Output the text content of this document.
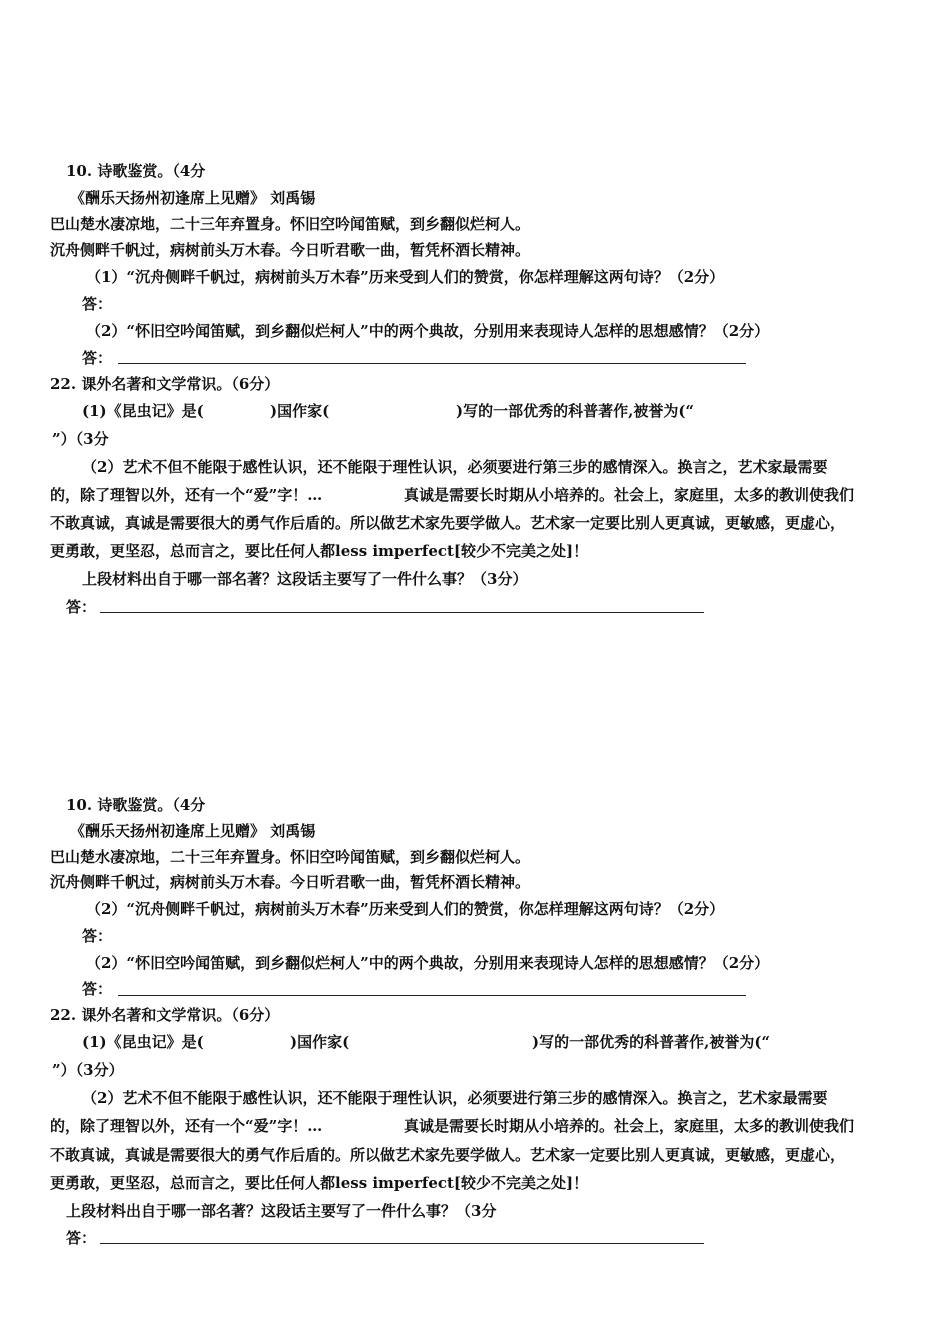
10. 诗歌鉴赏。（4分
《酬乐天扬州初逢席上见赠》 刘禹锡
巴山楚水凄凉地，二十三年弃置身。怀旧空吟闻笛赋，到乡翻似烂柯人。
沉舟侧畔千帆过，病树前头万木春。今日听君歌一曲，暂凭杯酒长精神。
（1）“沉舟侧畔千帆过，病树前头万木春”历来受到人们的赞赏，你怎样理解这两句诗？（2分）
答：
（2）“怀旧空吟闻笛赋，到乡翻似烂柯人”中的两个典故，分别用来表现诗人怎样的思想感情？（2分）
答：
22. 课外名著和文学常识。（6分）
(1)《昆虫记》是(	)国作家(	)写的一部优秀的科普著作,被誉为(“
”）（3分
（2）艺术不但不能限于感性认识，还不能限于理性认识，必须要进行第三步的感情深入。换言之，艺术家最需要
的，除了理智以外，还有一个“爱”字！…	真诚是需要长时期从小培养的。社会上，家庭里，太多的教训使我们
不敢真诚，真诚是需要很大的勇气作后盾的。所以做艺术家先要学做人。艺术家一定要比别人更真诚，更敏感，更虚心，
更勇敢，更坚忍，总而言之，要比任何人都less imperfect[较少不完美之处]！
上段材料出自于哪一部名著？这段话主要写了一件什么事？（3分）
答：
10. 诗歌鉴赏。（4分
《酬乐天扬州初逢席上见赠》 刘禹锡
巴山楚水凄凉地，二十三年弃置身。怀旧空吟闻笛赋，到乡翻似烂柯人。
沉舟侧畔千帆过，病树前头万木春。今日听君歌一曲，暂凭杯酒长精神。
（2）“沉舟侧畔千帆过，病树前头万木春”历来受到人们的赞赏，你怎样理解这两句诗？（2分）
答：
（2）“怀旧空吟闻笛赋，到乡翻似烂柯人”中的两个典故，分别用来表现诗人怎样的思想感情？（2分）
答：
22. 课外名著和文学常识。（6分）
(1)《昆虫记》是(	)国作家(	)写的一部优秀的科普著作,被誉为(“
”）（3分）
（2）艺术不但不能限于感性认识，还不能限于理性认识，必须要进行第三步的感情深入。换言之，艺术家最需要
的，除了理智以外，还有一个“爱”字！…	真诚是需要长时期从小培养的。社会上，家庭里，太多的教训使我们
不敢真诚，真诚是需要很大的勇气作后盾的。所以做艺术家先要学做人。艺术家一定要比别人更真诚，更敏感，更虚心，
更勇敢，更坚忍，总而言之，要比任何人都less imperfect[较少不完美之处]！
上段材料出自于哪一部名著？这段话主要写了一件什么事？（3分
答：
